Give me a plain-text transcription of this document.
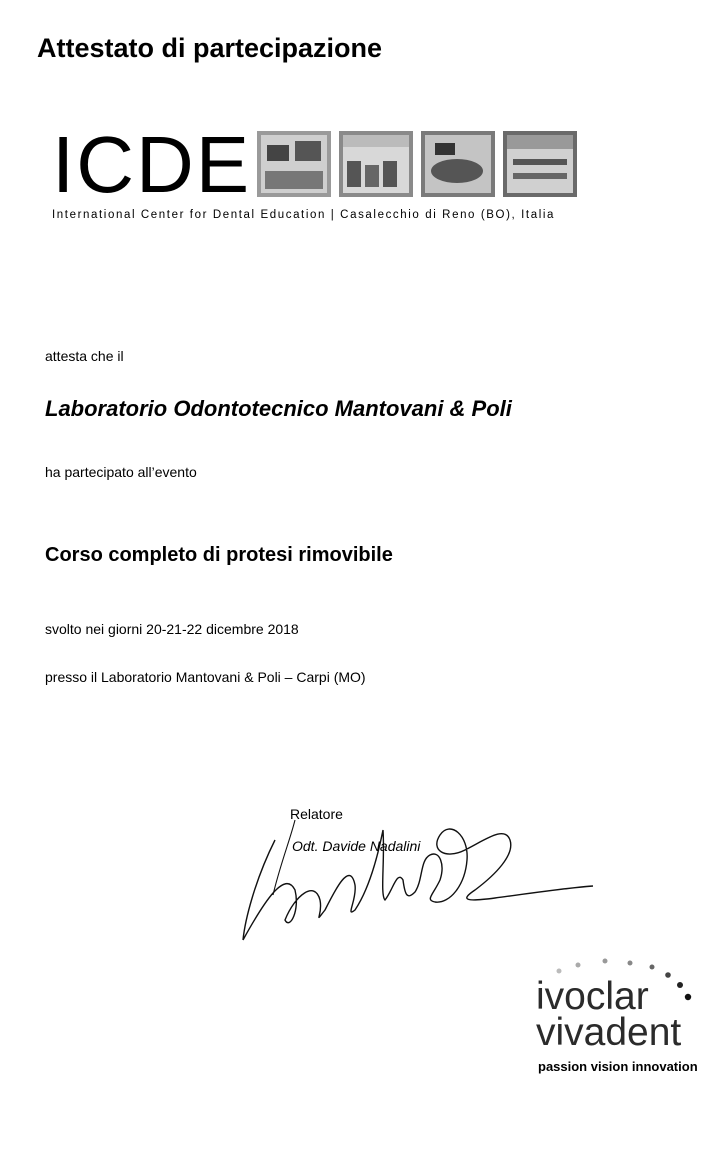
Attestato di partecipazione
ICDE
International Center for Dental Education | Casalecchio di Reno (BO), Italia
attesta che il
Laboratorio Odontotecnico Mantovani & Poli
ha partecipato all’evento
Corso completo di protesi rimovibile
svolto nei giorni 20-21-22 dicembre 2018
presso il Laboratorio Mantovani & Poli – Carpi (MO)
Relatore
Odt. Davide Nadalini
ivoclar
vivadent
passion vision innovation
